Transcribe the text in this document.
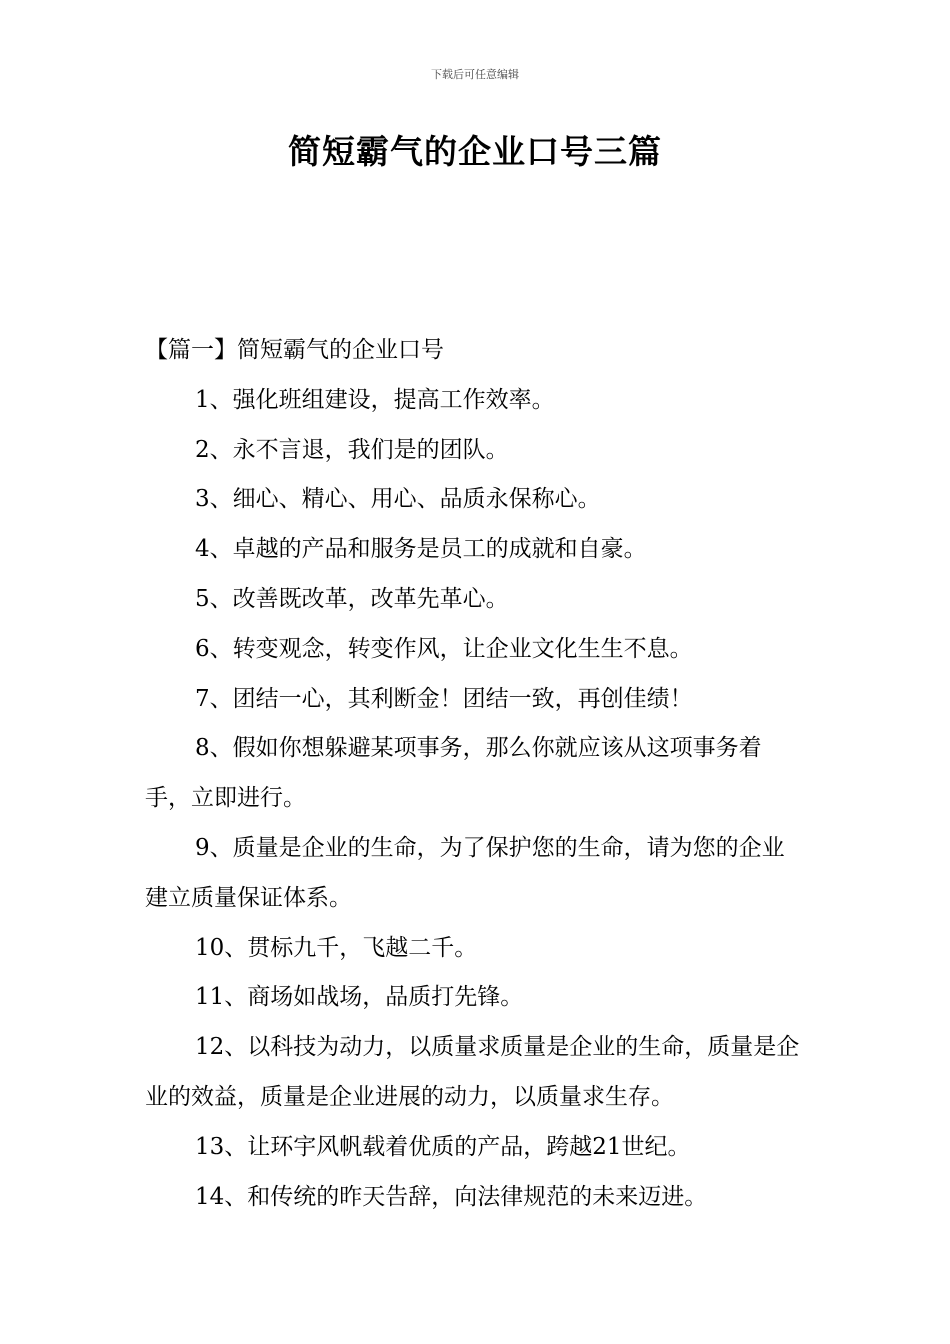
下载后可任意编辑
简短霸气的企业口号三篇
【篇一】简短霸气的企业口号
1、强化班组建设，提高工作效率。
2、永不言退，我们是的团队。
3、细心、精心、用心、品质永保称心。
4、卓越的产品和服务是员工的成就和自豪。
5、改善既改革，改革先革心。
6、转变观念，转变作风，让企业文化生生不息。
7、团结一心，其利断金！团结一致，再创佳绩！
8、假如你想躲避某项事务，那么你就应该从这项事务着手，立即进行。
9、质量是企业的生命，为了保护您的生命，请为您的企业建立质量保证体系。
10、贯标九千，飞越二千。
11、商场如战场，品质打先锋。
12、以科技为动力，以质量求质量是企业的生命，质量是企业的效益，质量是企业进展的动力，以质量求生存。
13、让环宇风帆载着优质的产品，跨越21世纪。
14、和传统的昨天告辞，向法律规范的未来迈进。
